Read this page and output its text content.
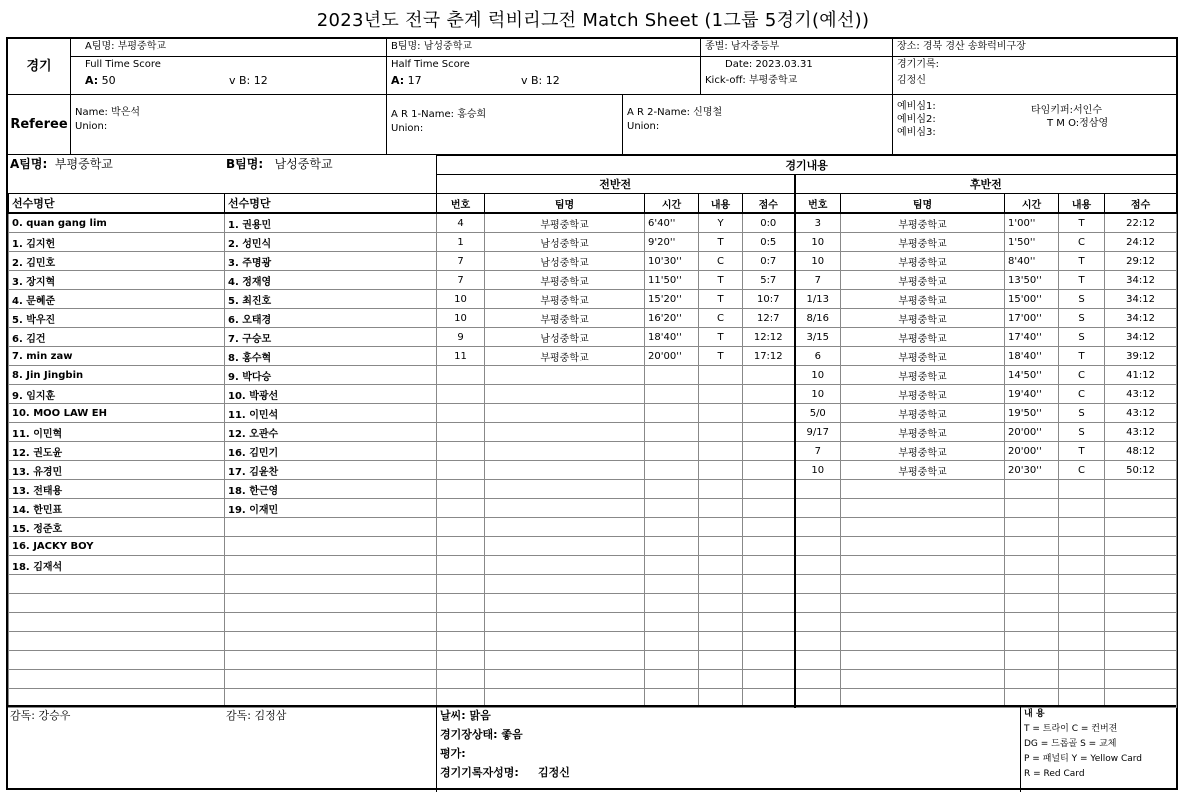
2023년도 전국 춘계 럭비리그전 Match Sheet (1그룹 5경기(예선))
경기
A팀명: 부평중학교
Full Time Score
A: 50	v B: 12
B팀명: 남성중학교
Half Time Score
A: 17	v B: 12
종별: 남자중등부
Date: 2023.03.31
Kick-off: 부평중학교
장소: 경북 경산 송화럭비구장
경기기록:
김정신
Referee
Name: 박은석
Union:
A R 1-Name: 홍승희
Union:
A R 2-Name: 신명철
Union:
예비심1:
예비심2:
예비심3:
타임키퍼:서인수
T M O:정삼영
A팀명: 부평중학교	B팀명: 남성중학교
선수명단	선수명단
0. quan gang lim	1. 권용민
1. 김지헌	2. 성민식
2. 김민호	3. 주명광
3. 장지혁	4. 정재영
4. 문혜준	5. 최진호
5. 박우진	6. 오태경
6. 김건	7. 구승모
7. min zaw	8. 홍수혁
8. Jin Jingbin	9. 박다승
9. 임지훈	10. 박광선
10. MOO LAW EH	11. 이민석
11. 이민혁	12. 오관수
12. 권도윤	16. 김민기
13. 유경민	17. 김윤찬
13. 전태용	18. 한근영
14. 한민표	19. 이재민
15. 정준호	
16. JACKY BOY	
18. 김재석	

경기내용									
전반전					후반전				
번호	팀명	시간	내용	점수	번호	팀명	시간	내용	점수
4	부평중학교	6'40''	Y	0:0	3	부평중학교	1'00''	T	22:12
1	남성중학교	9'20''	T	0:5	10	부평중학교	1'50''	C	24:12
7	남성중학교	10'30''	C	0:7	10	부평중학교	8'40''	T	29:12
7	부평중학교	11'50''	T	5:7	7	부평중학교	13'50''	T	34:12
10	부평중학교	15'20''	T	10:7	1/13	부평중학교	15'00''	S	34:12
10	부평중학교	16'20''	C	12:7	8/16	부평중학교	17'00''	S	34:12
9	남성중학교	18'40''	T	12:12	3/15	부평중학교	17'40''	S	34:12
11	부평중학교	20'00''	T	17:12	6	부평중학교	18'40''	T	39:12
					10	부평중학교	14'50''	C	41:12
					10	부평중학교	19'40''	C	43:12
					5/0	부평중학교	19'50''	S	43:12
					9/17	부평중학교	20'00''	S	43:12
					7	부평중학교	20'00''	T	48:12
					10	부평중학교	20'30''	C	50:12

감독: 강승우	감독: 김정삼	날씨: 맑음
경기장상태: 좋음
평가:
경기기록자성명: 김정신
내 용
T = 트라이 C = 컨버젼
DG = 드롭골 S = 교체
P = 패널티 Y = Yellow Card
R = Red Card
